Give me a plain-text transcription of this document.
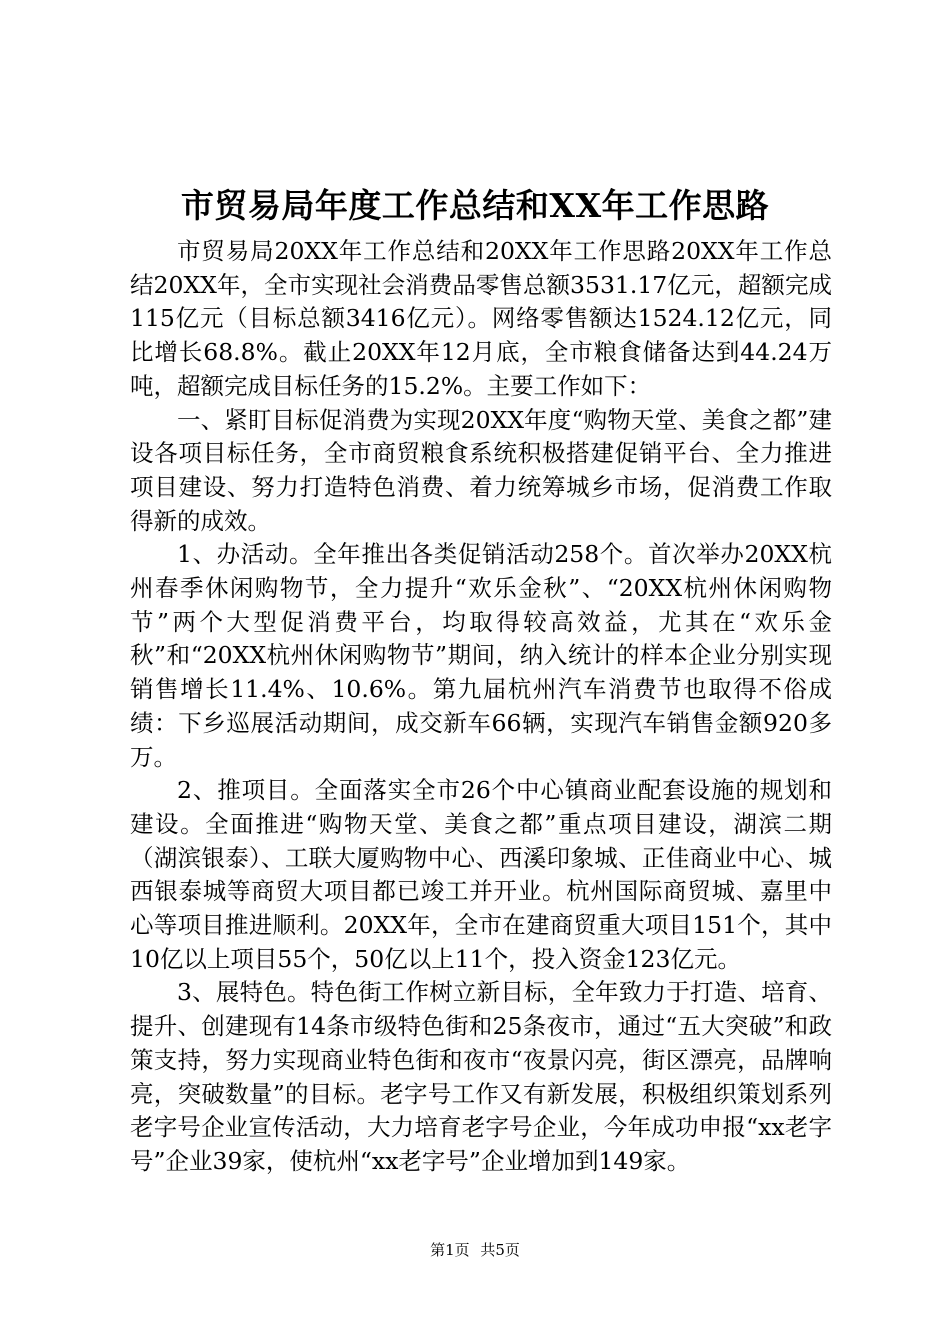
市贸易局年度工作总结和XX年工作思路

市贸易局20XX年工作总结和20XX年工作思路20XX年工作总结20XX年，全市实现社会消费品零售总额3531.17亿元，超额完成115亿元（目标总额3416亿元）。网络零售额达1524.12亿元，同比增长68.8%。截止20XX年12月底，全市粮食储备达到44.24万吨，超额完成目标任务的15.2%。主要工作如下：

一、紧盯目标促消费为实现20XX年度“购物天堂、美食之都”建设各项目标任务，全市商贸粮食系统积极搭建促销平台、全力推进项目建设、努力打造特色消费、着力统筹城乡市场，促消费工作取得新的成效。

1、办活动。全年推出各类促销活动258个。首次举办20XX杭州春季休闲购物节，全力提升“欢乐金秋”、“20XX杭州休闲购物节”两个大型促消费平台，均取得较高效益，尤其在“欢乐金秋”和“20XX杭州休闲购物节”期间，纳入统计的样本企业分别实现销售增长11.4%、10.6%。第九届杭州汽车消费节也取得不俗成绩：下乡巡展活动期间，成交新车66辆，实现汽车销售金额920多万。

2、推项目。全面落实全市26个中心镇商业配套设施的规划和建设。全面推进“购物天堂、美食之都”重点项目建设，湖滨二期（湖滨银泰）、工联大厦购物中心、西溪印象城、正佳商业中心、城西银泰城等商贸大项目都已竣工并开业。杭州国际商贸城、嘉里中心等项目推进顺利。20XX年，全市在建商贸重大项目151个，其中10亿以上项目55个，50亿以上11个，投入资金123亿元。

3、展特色。特色街工作树立新目标，全年致力于打造、培育、提升、创建现有14条市级特色街和25条夜市，通过“五大突破”和政策支持，努力实现商业特色街和夜市“夜景闪亮，街区漂亮，品牌响亮，突破数量”的目标。老字号工作又有新发展，积极组织策划系列老字号企业宣传活动，大力培育老字号企业，今年成功申报“xx老字号”企业39家，使杭州“xx老字号”企业增加到149家。

第1页 共5页
